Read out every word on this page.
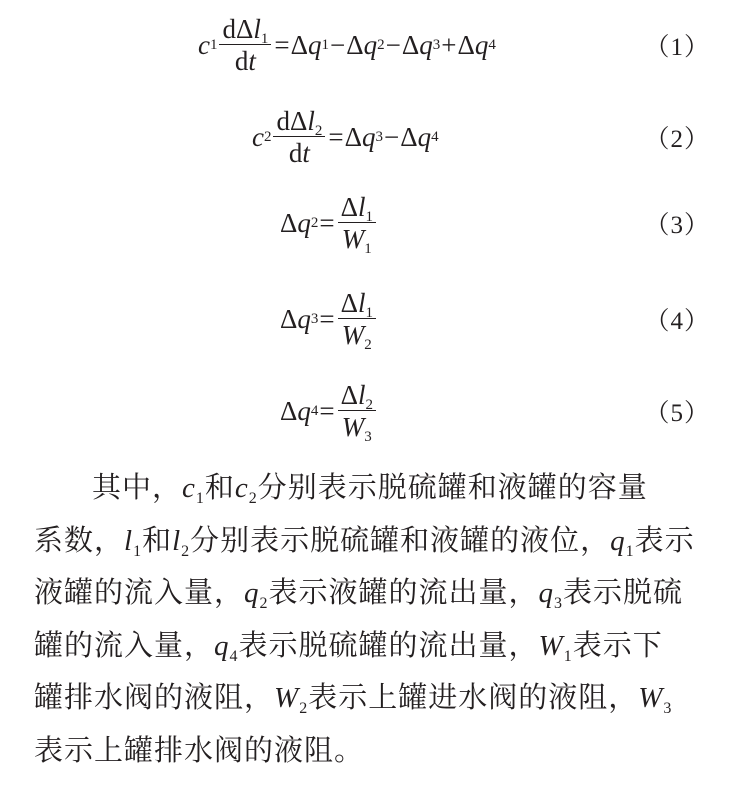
c $1 \frac{d\Delta l_1}{dt} = \Delta$ q 1 − Δ q 2 − Δ q 3 + Δ q 4	（1）
c $2 \frac{d\Delta l_2}{dt} = \Delta$ q 3 − Δ q 4	（2）
Δ q $2 = \frac{\Delta l_1}{W_1}$	（3）
Δ q $3 = \frac{\Delta l_1}{W_2}$	（4）
Δ q $4 = \frac{\Delta l_2}{W_3}$	（5）
其中，$c_1$和$c_2$分别表示脱硫罐和液罐的容量
系数，$l_1$和$l_2$分别表示脱硫罐和液罐的液位，$q_1$表示
液罐的流入量，$q_2$表示液罐的流出量，$q_3$表示脱硫
罐的流入量，$q_4$表示脱硫罐的流出量，$W_1$表示下
罐排水阀的液阻，$W_2$表示上罐进水阀的液阻，$W_3$
表示上罐排水阀的液阻。
